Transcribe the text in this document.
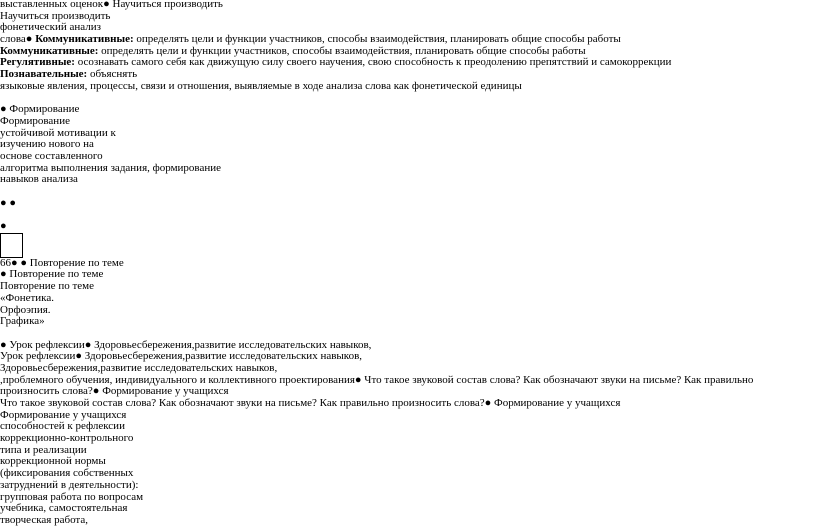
выставленных оценок● Научиться производить
Научиться производить
фонетический анализ
слова● Коммуникативные: определять цели и функции участников, способы взаимодействия, планировать общие способы работы
Коммуникативные: определять цели и функции участников, способы взаимодействия, планировать общие способы работы
Регулятивные: осознавать самого себя как движущую силу своего научения, свою способность к преодолению препятствий и самокоррекции
Познавательные: объяснять
языковые явления, процессы, связи и отношения, выявляемые в ходе анализа слова как фонетической единицы
● Формирование
Формирование
устойчивой мотивации к
изучению нового на
основе составленного
алгоритма выполнения задания, формирование
навыков анализа
● ●
●
66● ● Повторение по теме
● Повторение по теме
Повторение по теме
«Фонетика.
Орфоэпия.
Графика»
● Урок рефлексии● Здоровьесбережения,развитие исследовательских навыков,
Урок рефлексии● Здоровьесбережения,развитие исследовательских навыков,
Здоровьесбережения,развитие исследовательских навыков,
,проблемного обучения, индивидуального и коллективного проектирования● Что такое звуковой состав слова? Как обозначают звуки на письме? Как правильно произносить слова?● Формирование у учащихся
Что такое звуковой состав слова? Как обозначают звуки на письме? Как правильно произносить слова?● Формирование у учащихся
Формирование у учащихся
способностей к рефлексии
коррекционно-контрольного
типа и реализации
коррекционной нормы
(фиксирования собственных
затруднений в деятельности):
групповая работа по вопросам
учебника, самостоятельная
творческая работа,
